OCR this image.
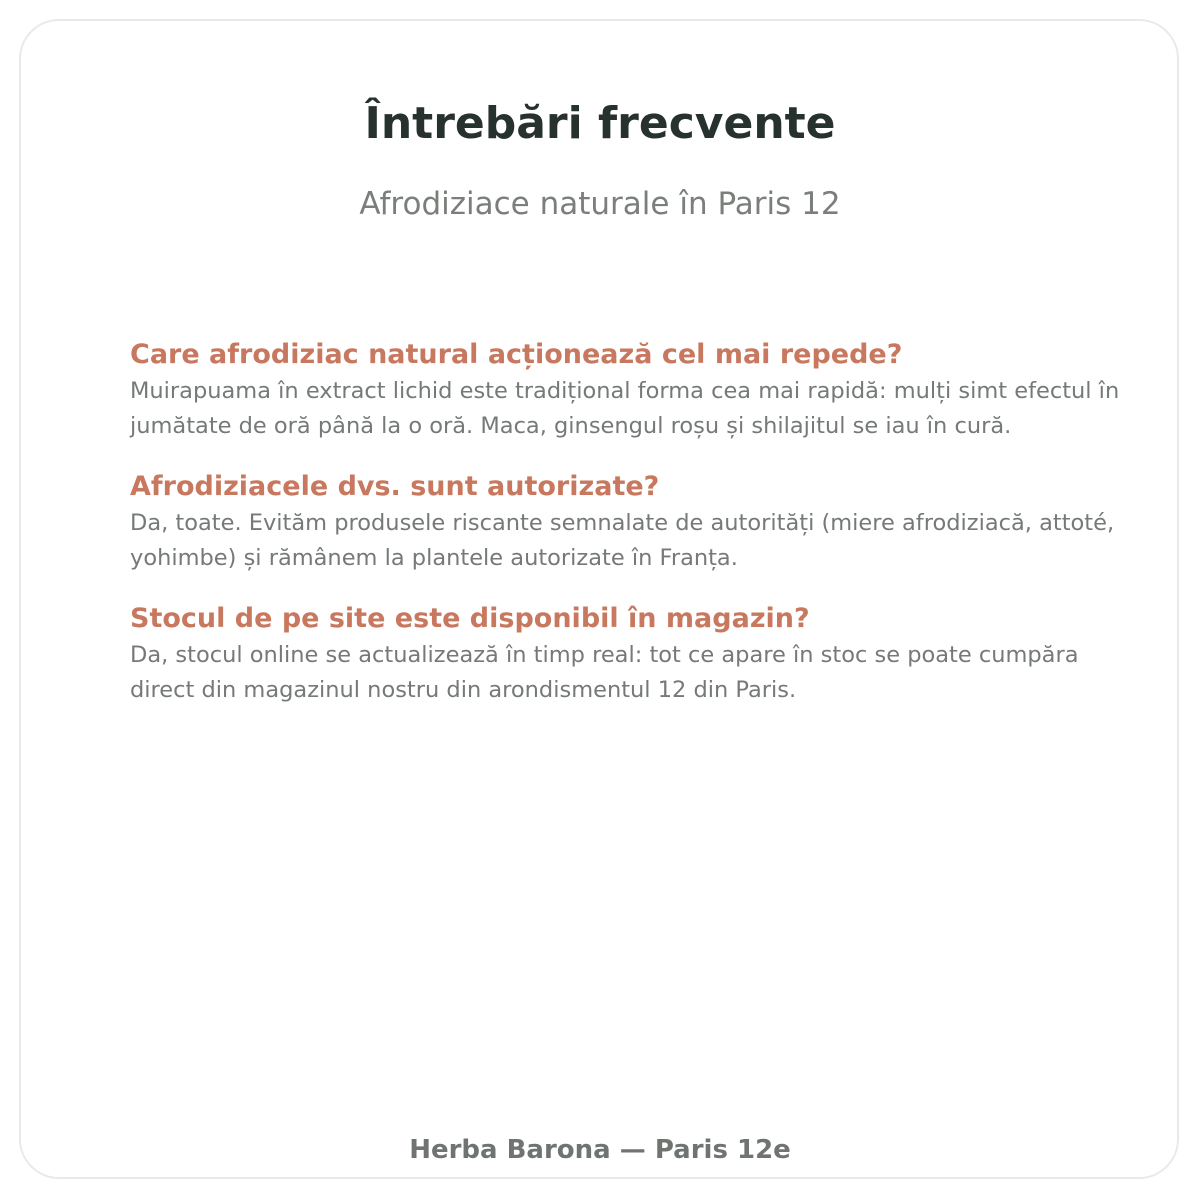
Întrebări frecvente
Afrodiziace naturale în Paris 12
Care afrodiziac natural acționează cel mai repede?

Muirapuama în extract lichid este tradițional forma cea mai rapidă: mulți simt efectul în jumătate de oră până la o oră. Maca, ginsengul roșu și shilajitul se iau în cură.

Afrodiziacele dvs. sunt autorizate?

Da, toate. Evităm produsele riscante semnalate de autorități (miere afrodiziacă, attoté, yohimbe) și rămânem la plantele autorizate în Franța.

Stocul de pe site este disponibil în magazin?

Da, stocul online se actualizează în timp real: tot ce apare în stoc se poate cumpăra direct din magazinul nostru din arondismentul 12 din Paris.

Herba Barona — Paris 12e
